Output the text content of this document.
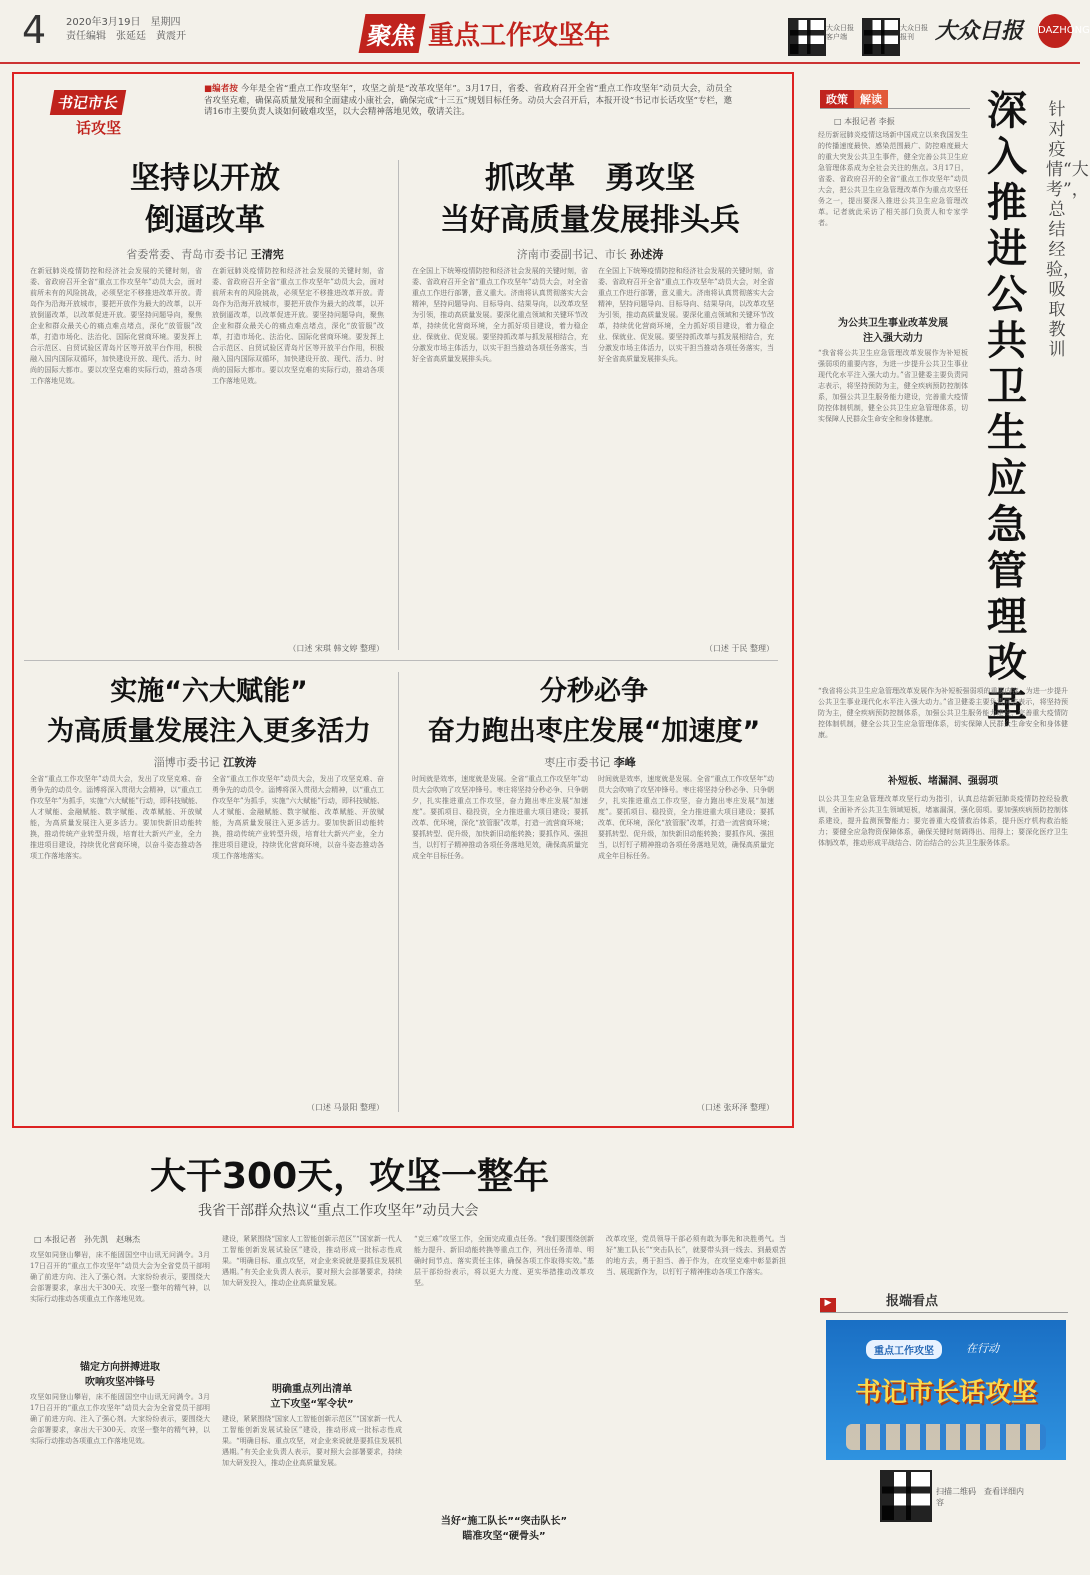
4 2020年3月19日　星期四
责任编辑　张延廷　黄震开	聚焦 重点工作攻坚年	大众日报客户端
大众日报报刊 大众日报 DAZHONG
书记市长
话攻坚
■编者按 今年是全省“重点工作攻坚年”，攻坚之前是“改革攻坚年”。3月17日，省委、省政府召开全省“重点工作攻坚年”动员大会，动员全省攻坚克难，确保高质量发展和全面建成小康社会，确保完成“十三五”规划目标任务。动员大会召开后，本报开设“书记市长话攻坚”专栏，邀请16市主要负责人谈如何破难攻坚，以大会精神落地见效，敬请关注。
坚持以开放
倒逼改革
省委常委、青岛市委书记 王清宪
在新冠肺炎疫情防控和经济社会发展的关键时刻，省委、省政府召开全省“重点工作攻坚年”动员大会，面对前所未有的风险挑战，必须坚定不移推进改革开放。青岛作为沿海开放城市，要把开放作为最大的改革，以开放倒逼改革，以改革促进开放。要坚持问题导向，聚焦企业和群众最关心的痛点难点堵点，深化“放管服”改革，打造市场化、法治化、国际化营商环境。要发挥上合示范区、自贸试验区青岛片区等开放平台作用，积极融入国内国际双循环，加快建设开放、现代、活力、时尚的国际大都市。要以攻坚克难的实际行动，推动各项工作落地见效。
在新冠肺炎疫情防控和经济社会发展的关键时刻，省委、省政府召开全省“重点工作攻坚年”动员大会，面对前所未有的风险挑战，必须坚定不移推进改革开放。青岛作为沿海开放城市，要把开放作为最大的改革，以开放倒逼改革，以改革促进开放。要坚持问题导向，聚焦企业和群众最关心的痛点难点堵点，深化“放管服”改革，打造市场化、法治化、国际化营商环境。要发挥上合示范区、自贸试验区青岛片区等开放平台作用，积极融入国内国际双循环，加快建设开放、现代、活力、时尚的国际大都市。要以攻坚克难的实际行动，推动各项工作落地见效。
（口述 宋琪 韩文婷 整理）
抓改革　勇攻坚
当好高质量发展排头兵
济南市委副书记、市长 孙述涛
在全国上下统筹疫情防控和经济社会发展的关键时刻，省委、省政府召开全省“重点工作攻坚年”动员大会，对全省重点工作进行部署，意义重大。济南将认真贯彻落实大会精神，坚持问题导向、目标导向、结果导向，以改革攻坚为引领，推动高质量发展。要深化重点领域和关键环节改革，持续优化营商环境，全力抓好项目建设，着力稳企业、保就业、促发展。要坚持抓改革与抓发展相结合，充分激发市场主体活力，以实干担当推动各项任务落实，当好全省高质量发展排头兵。
在全国上下统筹疫情防控和经济社会发展的关键时刻，省委、省政府召开全省“重点工作攻坚年”动员大会，对全省重点工作进行部署，意义重大。济南将认真贯彻落实大会精神，坚持问题导向、目标导向、结果导向，以改革攻坚为引领，推动高质量发展。要深化重点领域和关键环节改革，持续优化营商环境，全力抓好项目建设，着力稳企业、保就业、促发展。要坚持抓改革与抓发展相结合，充分激发市场主体活力，以实干担当推动各项任务落实，当好全省高质量发展排头兵。
（口述 于民 整理）
实施“六大赋能”
为高质量发展注入更多活力
淄博市委书记 江敦涛
全省“重点工作攻坚年”动员大会，发出了攻坚克难、奋勇争先的动员令。淄博将深入贯彻大会精神，以“重点工作攻坚年”为抓手，实施“六大赋能”行动，即科技赋能、人才赋能、金融赋能、数字赋能、改革赋能、开放赋能，为高质量发展注入更多活力。要加快新旧动能转换，推动传统产业转型升级，培育壮大新兴产业，全力推进项目建设，持续优化营商环境，以奋斗姿态推动各项工作落地落实。
全省“重点工作攻坚年”动员大会，发出了攻坚克难、奋勇争先的动员令。淄博将深入贯彻大会精神，以“重点工作攻坚年”为抓手，实施“六大赋能”行动，即科技赋能、人才赋能、金融赋能、数字赋能、改革赋能、开放赋能，为高质量发展注入更多活力。要加快新旧动能转换，推动传统产业转型升级，培育壮大新兴产业，全力推进项目建设，持续优化营商环境，以奋斗姿态推动各项工作落地落实。
（口述 马景阳 整理）
分秒必争
奋力跑出枣庄发展“加速度”
枣庄市委书记 李峰
时间就是效率，速度就是发展。全省“重点工作攻坚年”动员大会吹响了攻坚冲锋号。枣庄将坚持分秒必争、只争朝夕，扎实推进重点工作攻坚，奋力跑出枣庄发展“加速度”。要抓项目、稳投资，全力推进重大项目建设；要抓改革、优环境，深化“放管服”改革，打造一流营商环境；要抓转型、促升级，加快新旧动能转换；要抓作风、强担当，以钉钉子精神推动各项任务落地见效，确保高质量完成全年目标任务。
时间就是效率，速度就是发展。全省“重点工作攻坚年”动员大会吹响了攻坚冲锋号。枣庄将坚持分秒必争、只争朝夕，扎实推进重点工作攻坚，奋力跑出枣庄发展“加速度”。要抓项目、稳投资，全力推进重大项目建设；要抓改革、优环境，深化“放管服”改革，打造一流营商环境；要抓转型、促升级，加快新旧动能转换；要抓作风、强担当，以钉钉子精神推动各项任务落地见效，确保高质量完成全年目标任务。
（口述 张环泽 整理）
政策 解读	深入推进公共卫生应急管理改革
针对疫情“大考”，总结经验，吸取教训
□ 本报记者 李振
经历新冠肺炎疫情这场新中国成立以来我国发生的传播速度最快、感染范围最广、防控难度最大的重大突发公共卫生事件，健全完善公共卫生应急管理体系成为全社会关注的焦点。3月17日，省委、省政府召开的全省“重点工作攻坚年”动员大会，把公共卫生应急管理改革作为重点攻坚任务之一，提出要深入推进公共卫生应急管理改革。记者就此采访了相关部门负责人和专家学者。
为公共卫生事业改革发展
注入强大动力
“我省将公共卫生应急管理改革发展作为补短板强弱项的重要内容，为进一步提升公共卫生事业现代化水平注入强大动力。”省卫健委主要负责同志表示，将坚持预防为主，健全疾病预防控制体系，加强公共卫生服务能力建设，完善重大疫情防控体制机制，健全公共卫生应急管理体系，切实保障人民群众生命安全和身体健康。
“我省将公共卫生应急管理改革发展作为补短板强弱项的重要内容，为进一步提升公共卫生事业现代化水平注入强大动力。”省卫健委主要负责同志表示，将坚持预防为主，健全疾病预防控制体系，加强公共卫生服务能力建设，完善重大疫情防控体制机制，健全公共卫生应急管理体系，切实保障人民群众生命安全和身体健康。
补短板、堵漏洞、强弱项
以公共卫生应急管理改革攻坚行动为指引，认真总结新冠肺炎疫情防控经验教训，全面补齐公共卫生领域短板，堵塞漏洞，强化弱项。要加强疾病预防控制体系建设，提升监测预警能力；要完善重大疫情救治体系，提升医疗机构救治能力；要健全应急物资保障体系，确保关键时刻调得出、用得上；要深化医疗卫生体制改革，推动形成平战结合、防治结合的公共卫生服务体系。
▶	报端看点
重点工作攻坚	在行动
书记市长话攻坚
扫描二维码　查看详细内容
大干300天，攻坚一整年
我省干部群众热议“重点工作攻坚年”动员大会
□ 本报记者　孙先凯　赵琳杰
攻坚如同登山攀岩，床不能固国空中山讯无问满令。3月17日召开的“重点工作攻坚年”动员大会为全省党员干部明确了前进方向、注入了强心剂。大家纷纷表示，要围绕大会部署要求，拿出大干300天、攻坚一整年的精气神，以实际行动推动各项重点工作落地见效。
锚定方向拼搏进取
吹响攻坚冲锋号
攻坚如同登山攀岩，床不能固国空中山讯无问满令。3月17日召开的“重点工作攻坚年”动员大会为全省党员干部明确了前进方向、注入了强心剂。大家纷纷表示，要围绕大会部署要求，拿出大干300天、攻坚一整年的精气神，以实际行动推动各项重点工作落地见效。
建设，紧紧围绕“国家人工智能创新示范区”“国家新一代人工智能创新发展试验区”建设，推动形成一批标志性成果。“明确目标、重点攻坚，对企业来说就是要抓住发展机遇期。”有关企业负责人表示，要对照大会部署要求，持续加大研发投入，推动企业高质量发展。
明确重点列出清单
立下攻坚“军令状”
建设，紧紧围绕“国家人工智能创新示范区”“国家新一代人工智能创新发展试验区”建设，推动形成一批标志性成果。“明确目标、重点攻坚，对企业来说就是要抓住发展机遇期。”有关企业负责人表示，要对照大会部署要求，持续加大研发投入，推动企业高质量发展。
“克三难”攻坚工作，全面完成重点任务。“我们要围绕创新能力提升、新旧动能转换等重点工作，列出任务清单、明确时间节点、落实责任主体，确保各项工作取得实效。”基层干部纷纷表示，将以更大力度、更实举措推动改革攻坚。
当好“施工队长”“突击队长”
瞄准攻坚“硬骨头”
改革攻坚，党员领导干部必须有敢为事先和决胜勇气。当好“施工队长”“突击队长”，就要带头到一线去、到最艰苦的地方去，勇于担当、善于作为，在攻坚克难中彰显新担当、展现新作为，以钉钉子精神推动各项工作落实。
